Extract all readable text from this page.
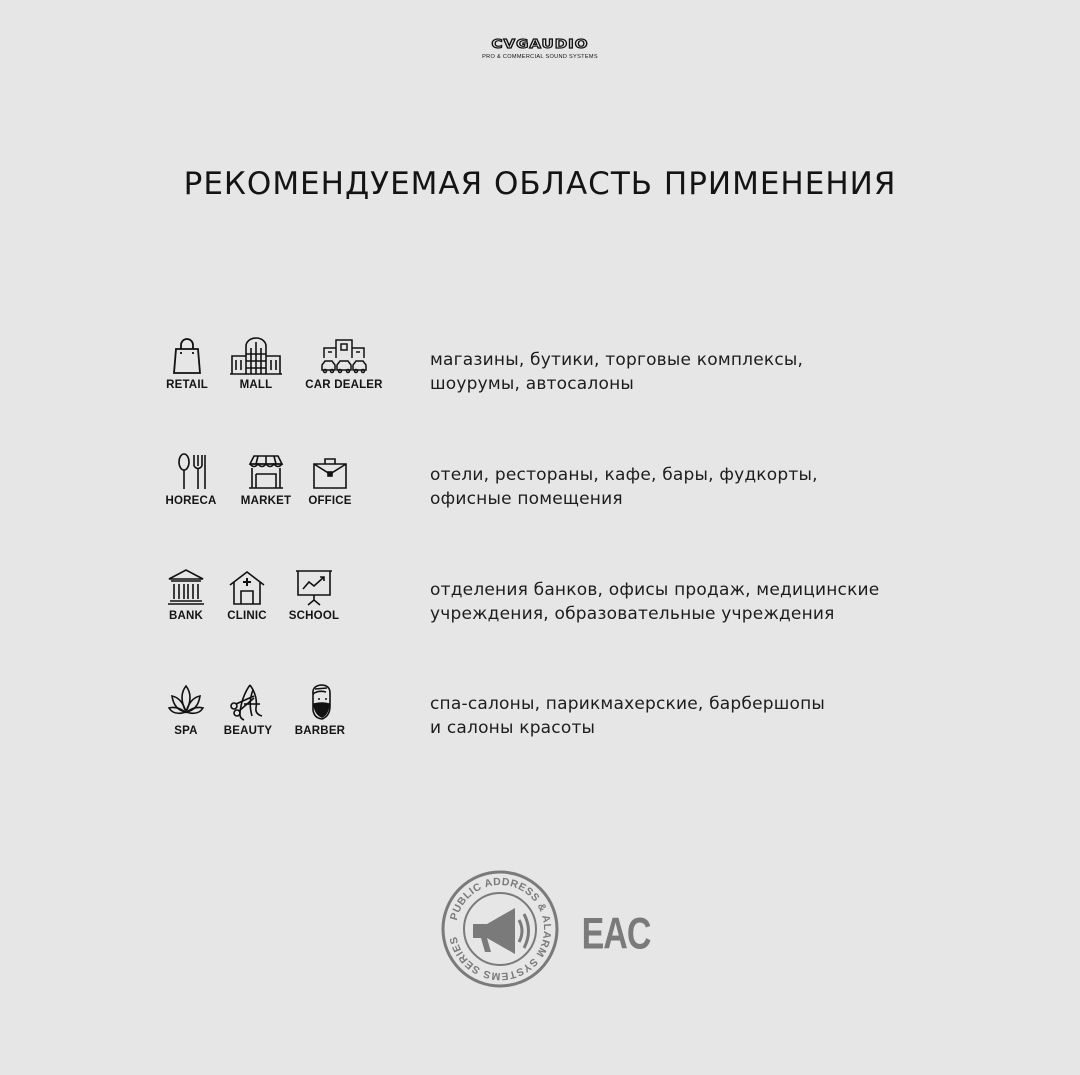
CVGAUDIO
PRO & COMMERCIAL SOUND SYSTEMS
РЕКОМЕНДУЕМАЯ ОБЛАСТЬ ПРИМЕНЕНИЯ
RETAIL	MALL	CAR DEALER
магазины, бутики, торговые комплексы,
шоурумы, автосалоны
HORECA	MARKET	OFFICE
отели, рестораны, кафе, бары, фудкорты,
офисные помещения
BANK	CLINIC	SCHOOL
отделения банков, офисы продаж, медицинские
учреждения, образовательные учреждения
SPA	BEAUTY	BARBER
спа-салоны, парикмахерские, барбершопы
и салоны красоты
PUBLIC ADDRESS & ALARM SYSTEMS SERIES	EAC
